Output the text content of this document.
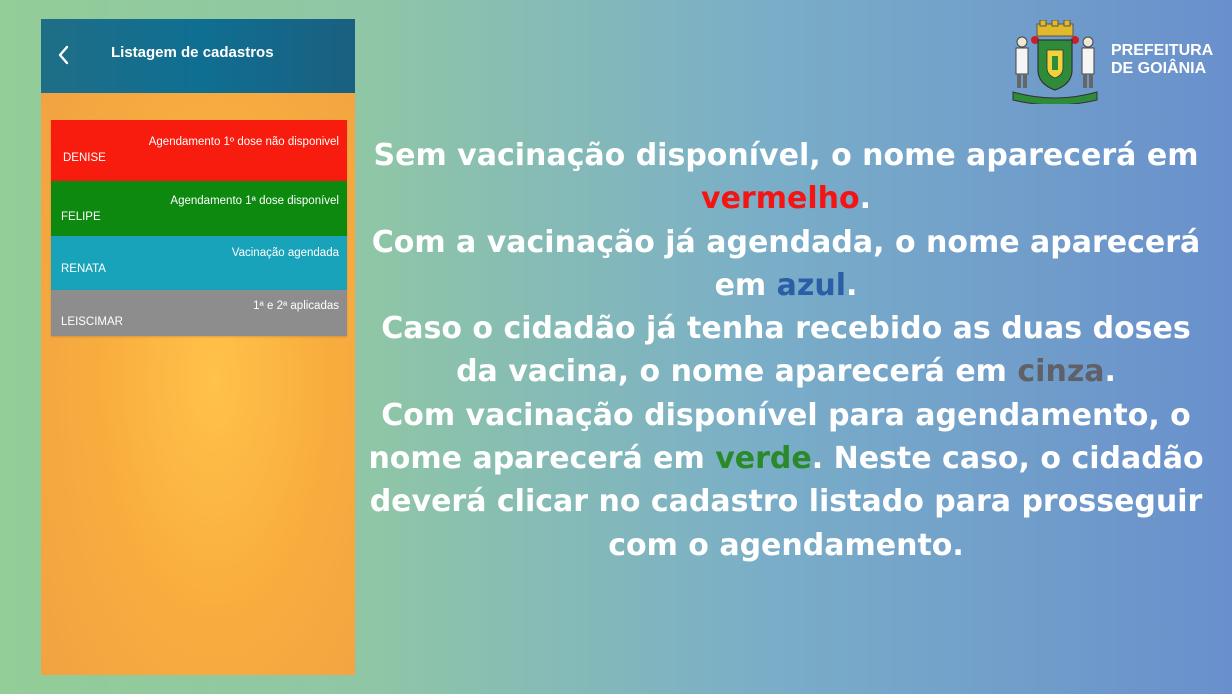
Listagem de cadastros
Agendamento 1º dose não disponivel
DENISE
Agendamento 1ª dose disponível
FELIPE
Vacinação agendada
RENATA
1ª e 2ª aplicadas
LEISCIMAR
PREFEITURA
DE GOIÂNIA

Sem vacinação disponível, o nome aparecerá em vermelho.

Com a vacinação já agendada, o nome aparecerá em azul.

Caso o cidadão já tenha recebido as duas doses da vacina, o nome aparecerá em cinza.

Com vacinação disponível para agendamento, o nome aparecerá em verde. Neste caso, o cidadão deverá clicar no cadastro listado para prosseguir com o agendamento.
